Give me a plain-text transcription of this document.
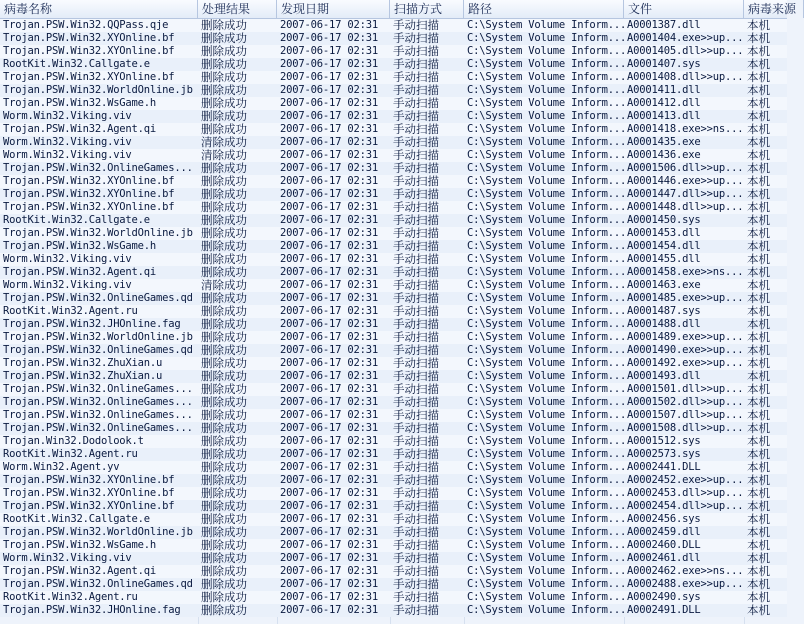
病毒名称	处理结果	发现日期	扫描方式	路径	文件	病毒来源
Trojan.PSW.Win32.QQPass.qje	删除成功	2007-06-17 02:31	手动扫描	C:\System Volume Inform... A0001387.dll	本机
Trojan.PSW.Win32.XYOnline.bf	删除成功	2007-06-17 02:31	手动扫描	C:\System Volume Inform... A0001404.exe>>up... 本机
Trojan.PSW.Win32.XYOnline.bf	删除成功	2007-06-17 02:31	手动扫描	C:\System Volume Inform... A0001405.dll>>up... 本机
RootKit.Win32.Callgate.e	删除成功	2007-06-17 02:31	手动扫描	C:\System Volume Inform... A0001407.sys	本机
Trojan.PSW.Win32.XYOnline.bf	删除成功	2007-06-17 02:31	手动扫描	C:\System Volume Inform... A0001408.dll>>up... 本机
Trojan.PSW.Win32.WorldOnline.jb 删除成功	2007-06-17 02:31	手动扫描	C:\System Volume Inform... A0001411.dll	本机
Trojan.PSW.Win32.WsGame.h	删除成功	2007-06-17 02:31	手动扫描	C:\System Volume Inform... A0001412.dll	本机
Worm.Win32.Viking.viv	删除成功	2007-06-17 02:31	手动扫描	C:\System Volume Inform... A0001413.dll	本机
Trojan.PSW.Win32.Agent.qi	删除成功	2007-06-17 02:31	手动扫描	C:\System Volume Inform... A0001418.exe>>ns... 本机
Worm.Win32.Viking.viv	清除成功	2007-06-17 02:31	手动扫描	C:\System Volume Inform... A0001435.exe	本机
Worm.Win32.Viking.viv	清除成功	2007-06-17 02:31	手动扫描	C:\System Volume Inform... A0001436.exe	本机
Trojan.PSW.Win32.OnlineGames... 删除成功	2007-06-17 02:31	手动扫描	C:\System Volume Inform... A0001506.dll>>up... 本机
Trojan.PSW.Win32.XYOnline.bf	删除成功	2007-06-17 02:31	手动扫描	C:\System Volume Inform... A0001446.exe>>up... 本机
Trojan.PSW.Win32.XYOnline.bf	删除成功	2007-06-17 02:31	手动扫描	C:\System Volume Inform... A0001447.dll>>up... 本机
Trojan.PSW.Win32.XYOnline.bf	删除成功	2007-06-17 02:31	手动扫描	C:\System Volume Inform... A0001448.dll>>up... 本机
RootKit.Win32.Callgate.e	删除成功	2007-06-17 02:31	手动扫描	C:\System Volume Inform... A0001450.sys	本机
Trojan.PSW.Win32.WorldOnline.jb 删除成功	2007-06-17 02:31	手动扫描	C:\System Volume Inform... A0001453.dll	本机
Trojan.PSW.Win32.WsGame.h	删除成功	2007-06-17 02:31	手动扫描	C:\System Volume Inform... A0001454.dll	本机
Worm.Win32.Viking.viv	删除成功	2007-06-17 02:31	手动扫描	C:\System Volume Inform... A0001455.dll	本机
Trojan.PSW.Win32.Agent.qi	删除成功	2007-06-17 02:31	手动扫描	C:\System Volume Inform... A0001458.exe>>ns... 本机
Worm.Win32.Viking.viv	清除成功	2007-06-17 02:31	手动扫描	C:\System Volume Inform... A0001463.exe	本机
Trojan.PSW.Win32.OnlineGames.qd 删除成功	2007-06-17 02:31	手动扫描	C:\System Volume Inform... A0001485.exe>>up... 本机
RootKit.Win32.Agent.ru	删除成功	2007-06-17 02:31	手动扫描	C:\System Volume Inform... A0001487.sys	本机
Trojan.PSW.Win32.JHOnline.fag	删除成功	2007-06-17 02:31	手动扫描	C:\System Volume Inform... A0001488.dll	本机
Trojan.PSW.Win32.WorldOnline.jb 删除成功	2007-06-17 02:31	手动扫描	C:\System Volume Inform... A0001489.exe>>up... 本机
Trojan.PSW.Win32.OnlineGames.qd 删除成功	2007-06-17 02:31	手动扫描	C:\System Volume Inform... A0001490.exe>>up... 本机
Trojan.PSW.Win32.ZhuXian.u	删除成功	2007-06-17 02:31	手动扫描	C:\System Volume Inform... A0001492.exe>>up... 本机
Trojan.PSW.Win32.ZhuXian.u	删除成功	2007-06-17 02:31	手动扫描	C:\System Volume Inform... A0001493.dll	本机
Trojan.PSW.Win32.OnlineGames... 删除成功	2007-06-17 02:31	手动扫描	C:\System Volume Inform... A0001501.dll>>up... 本机
Trojan.PSW.Win32.OnlineGames... 删除成功	2007-06-17 02:31	手动扫描	C:\System Volume Inform... A0001502.dll>>up... 本机
Trojan.PSW.Win32.OnlineGames... 删除成功	2007-06-17 02:31	手动扫描	C:\System Volume Inform... A0001507.dll>>up... 本机
Trojan.PSW.Win32.OnlineGames... 删除成功	2007-06-17 02:31	手动扫描	C:\System Volume Inform... A0001508.dll>>up... 本机
Trojan.Win32.Dodolook.t	删除成功	2007-06-17 02:31	手动扫描	C:\System Volume Inform... A0001512.sys	本机
RootKit.Win32.Agent.ru	删除成功	2007-06-17 02:31	手动扫描	C:\System Volume Inform... A0002573.sys	本机
Worm.Win32.Agent.yv	删除成功	2007-06-17 02:31	手动扫描	C:\System Volume Inform... A0002441.DLL	本机
Trojan.PSW.Win32.XYOnline.bf	删除成功	2007-06-17 02:31	手动扫描	C:\System Volume Inform... A0002452.exe>>up... 本机
Trojan.PSW.Win32.XYOnline.bf	删除成功	2007-06-17 02:31	手动扫描	C:\System Volume Inform... A0002453.dll>>up... 本机
Trojan.PSW.Win32.XYOnline.bf	删除成功	2007-06-17 02:31	手动扫描	C:\System Volume Inform... A0002454.dll>>up... 本机
RootKit.Win32.Callgate.e	删除成功	2007-06-17 02:31	手动扫描	C:\System Volume Inform... A0002456.sys	本机
Trojan.PSW.Win32.WorldOnline.jb 删除成功	2007-06-17 02:31	手动扫描	C:\System Volume Inform... A0002459.dll	本机
Trojan.PSW.Win32.WsGame.h	删除成功	2007-06-17 02:31	手动扫描	C:\System Volume Inform... A0002460.DLL	本机
Worm.Win32.Viking.viv	删除成功	2007-06-17 02:31	手动扫描	C:\System Volume Inform... A0002461.dll	本机
Trojan.PSW.Win32.Agent.qi	删除成功	2007-06-17 02:31	手动扫描	C:\System Volume Inform... A0002462.exe>>ns... 本机
Trojan.PSW.Win32.OnlineGames.qd 删除成功	2007-06-17 02:31	手动扫描	C:\System Volume Inform... A0002488.exe>>up... 本机
RootKit.Win32.Agent.ru	删除成功	2007-06-17 02:31	手动扫描	C:\System Volume Inform... A0002490.sys	本机
Trojan.PSW.Win32.JHOnline.fag	删除成功	2007-06-17 02:31	手动扫描	C:\System Volume Inform... A0002491.DLL	本机
